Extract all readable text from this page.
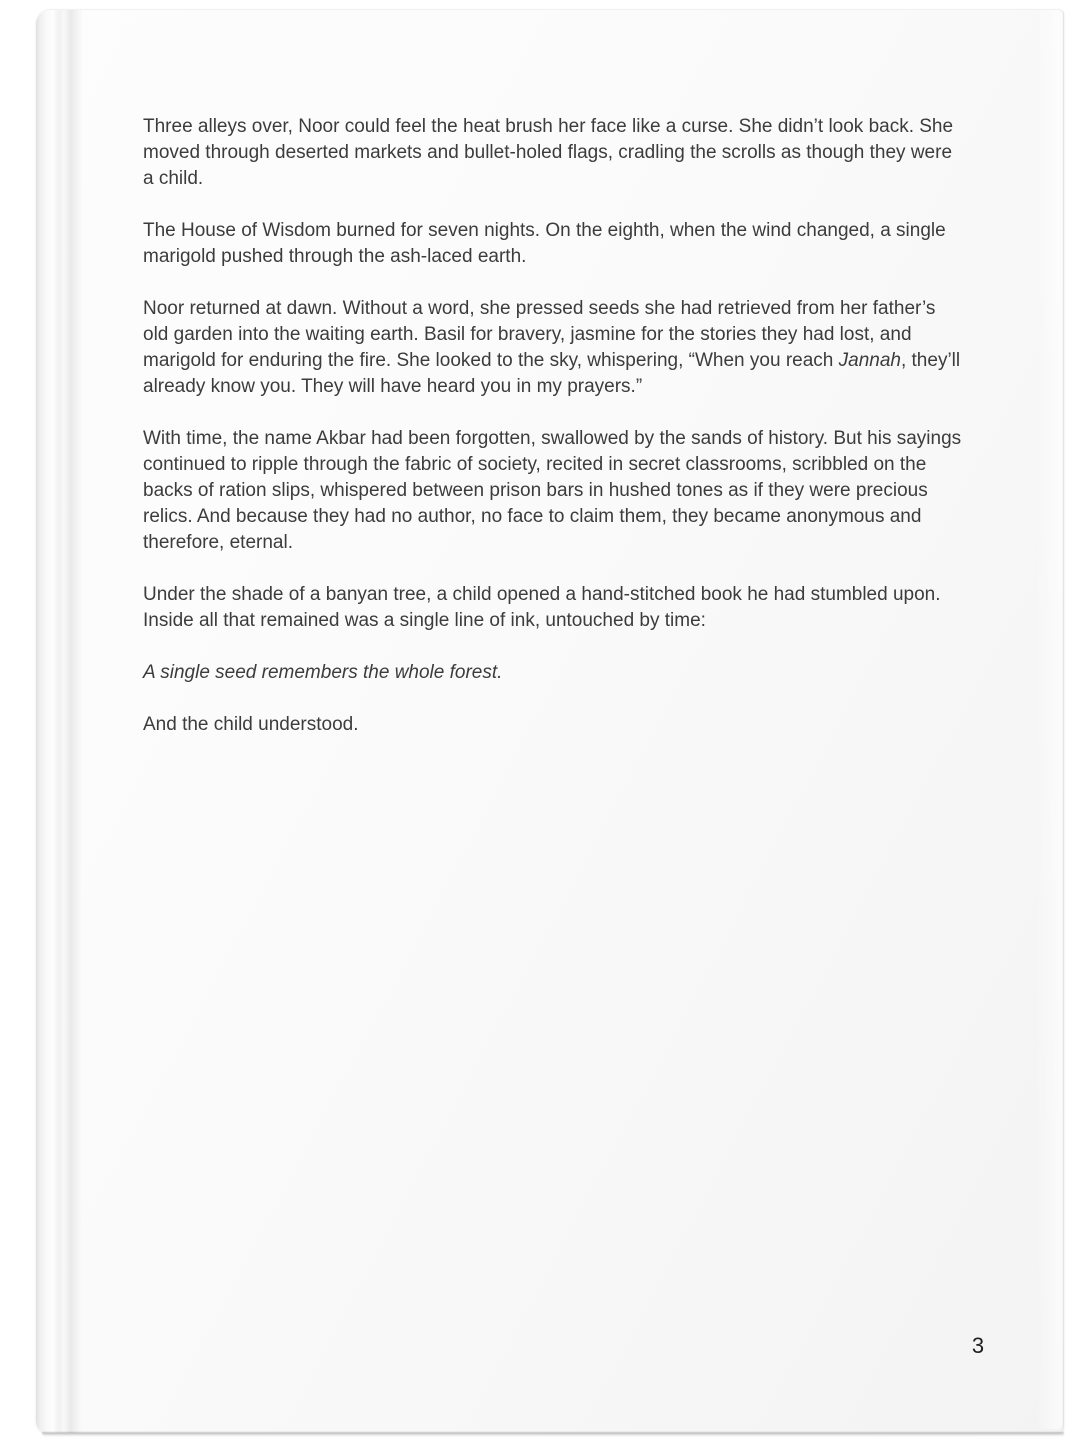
Three alleys over, Noor could feel the heat brush her face like a curse. She didn’t look back. She moved through deserted markets and bullet-holed flags, cradling the scrolls as though they were a child.

The House of Wisdom burned for seven nights. On the eighth, when the wind changed, a single marigold pushed through the ash-laced earth.

Noor returned at dawn. Without a word, she pressed seeds she had retrieved from her father’s old garden into the waiting earth. Basil for bravery, jasmine for the stories they had lost, and marigold for enduring the fire. She looked to the sky, whispering, “When you reach Jannah, they’ll already know you. They will have heard you in my prayers.”

With time, the name Akbar had been forgotten, swallowed by the sands of history. But his sayings continued to ripple through the fabric of society, recited in secret classrooms, scribbled on the backs of ration slips, whispered between prison bars in hushed tones as if they were precious relics. And because they had no author, no face to claim them, they became anonymous and therefore, eternal.

Under the shade of a banyan tree, a child opened a hand-stitched book he had stumbled upon. Inside all that remained was a single line of ink, untouched by time:

A single seed remembers the whole forest.

And the child understood.

3
